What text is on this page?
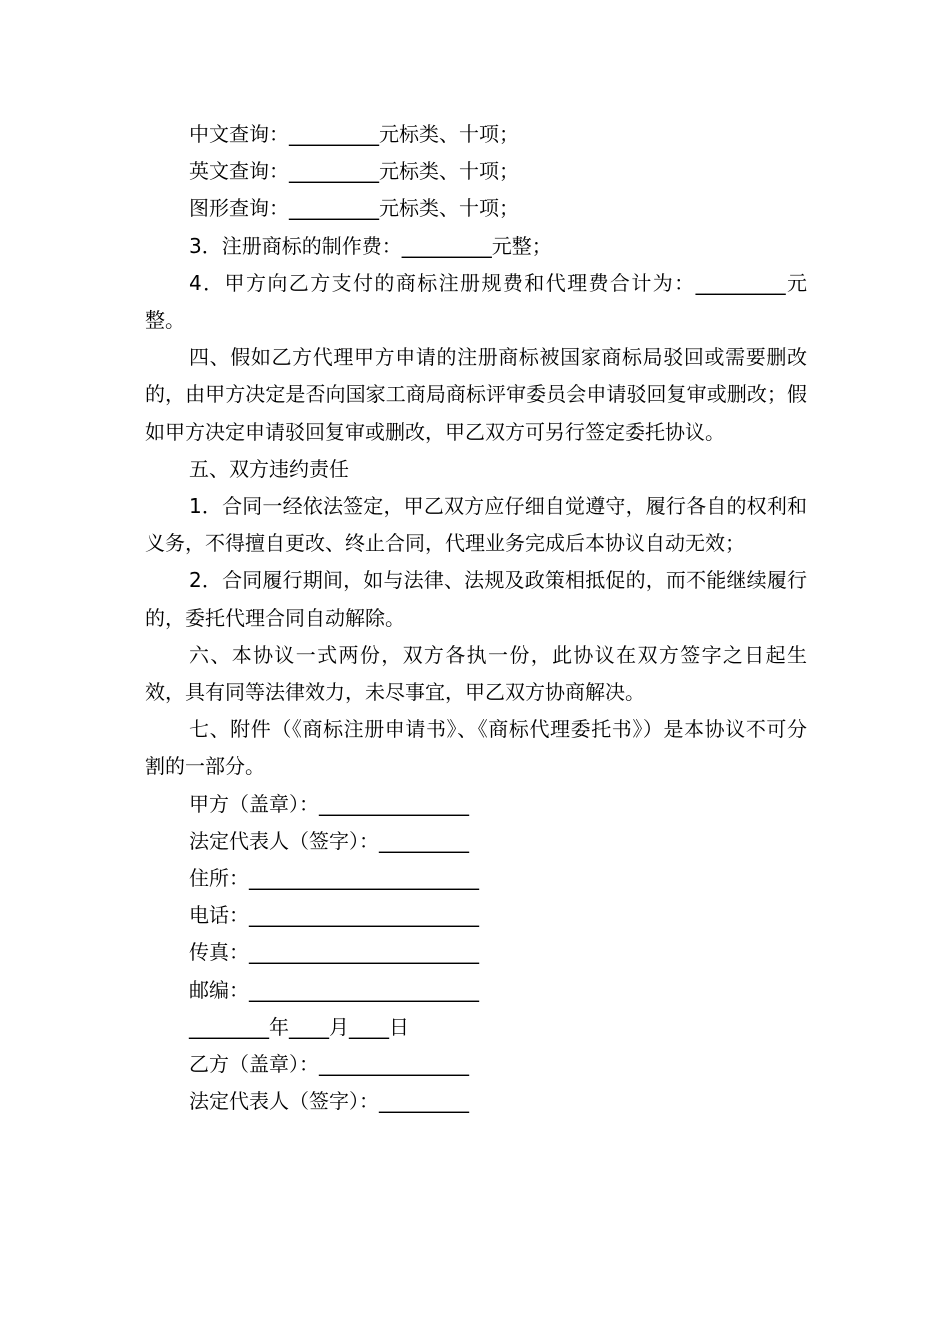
中文查询：_________元标类、十项；

英文查询：_________元标类、十项；

图形查询：_________元标类、十项；

3．注册商标的制作费：_________元整；

4．甲方向乙方支付的商标注册规费和代理费合计为：_________元整。

四、假如乙方代理甲方申请的注册商标被国家商标局驳回或需要删改的，由甲方决定是否向国家工商局商标评审委员会申请驳回复审或删改；假如甲方决定申请驳回复审或删改，甲乙双方可另行签定委托协议。

五、双方违约责任

1．合同一经依法签定，甲乙双方应仔细自觉遵守，履行各自的权利和义务，不得擅自更改、终止合同，代理业务完成后本协议自动无效；

2．合同履行期间，如与法律、法规及政策相抵促的，而不能继续履行的，委托代理合同自动解除。

六、本协议一式两份，双方各执一份，此协议在双方签字之日起生效，具有同等法律效力，未尽事宜，甲乙双方协商解决。

七、附件（《商标注册申请书》、《商标代理委托书》）是本协议不可分割的一部分。

甲方（盖章）：_______________

法定代表人（签字）：_________

住所：_______________________

电话：_______________________

传真：_______________________

邮编：_______________________

________年____月____日

乙方（盖章）：_______________

法定代表人（签字）：_________
